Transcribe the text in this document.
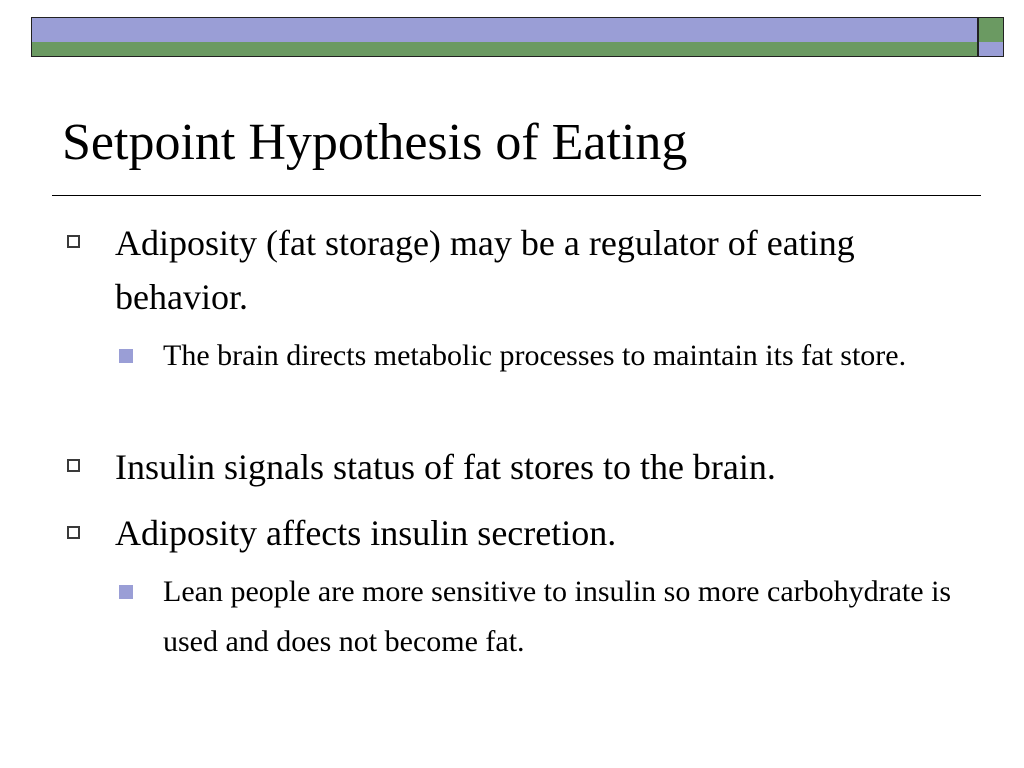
Setpoint Hypothesis of Eating

Adiposity (fat storage) may be a regulator of eating behavior.

The brain directs metabolic processes to maintain its fat store.

Insulin signals status of fat stores to the brain.

Adiposity affects insulin secretion.

Lean people are more sensitive to insulin so more carbohydrate is used and does not become fat.
